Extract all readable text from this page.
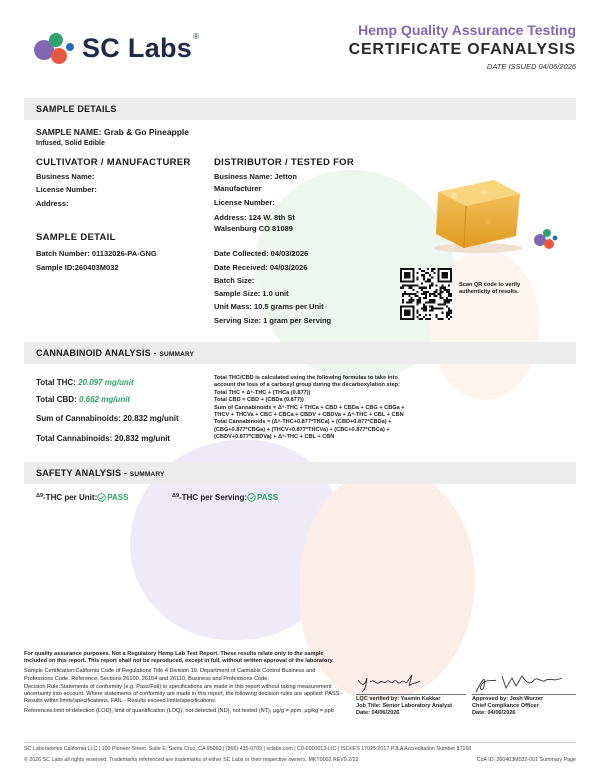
SC Labs ®	Hemp Quality Assurance Testing
CERTIFICATE OFANALYSIS
DATE ISSUED 04/06/2026
SAMPLE DETAILS
SAMPLE NAME: Grab & Go Pineapple
Infused, Solid Edible
CULTIVATOR / MANUFACTURER
Business Name:
License Number:
Address:
DISTRIBUTOR / TESTED FOR
Business Name: Jetton Manufacturer
License Number:
Address: 124 W. 8th St
Walsenburg CO 81089
SAMPLE DETAIL
Batch Number: 01132026-PA-GNG
Sample ID:260403M032
Date Collected: 04/03/2026
Date Received: 04/03/2026
Batch Size:
Sample Size: 1.0 unit
Unit Mass: 10.5 grams per Unit
Serving Size: 1 gram per Serving
Scan QR code to verify authenticity of results.
CANNABINOID ANALYSIS - SUMMARY
Total THC: 20.097 mg/unit
Total CBD: 0.662 mg/unit
Sum of Cannabinoids: 20.832 mg/unit
Total Cannabinoids: 20.832 mg/unit
Total THC/CBD is calculated using the following formulas to take into
account the loss of a carboxyl group during the decarboxylation step:
Total THC = Δ⁹-THC + (THCa (0.877))
Total CBD = CBD + (CBDa (0.877))
Sum of Cannabinoids = Δ⁹-THC + THCa + CBD + CBDa + CBG + CBGa +
THCV + THCVa + CBC + CBCa + CBDV + CBDVa + Δ⁸-THC + CBL + CBN
Total Cannabinoids = (Δ⁹-THC+0.877*THCa) + (CBD+0.877*CBDa) +
(CBG+0.877*CBGa) + (THCV+0.877*THCVa) + (CBC+0.877*CBCa) +
(CBDV+0.877*CBDVa) + Δ⁸-THC + CBL + CBN
SAFETY ANALYSIS - SUMMARY
Δ9 -THC per Unit: PASS	Δ9 -THC per Serving: PASS
For quality assurance purposes. Not a Regulatory Hemp Lab Test Report. These results relate only to the sample included on this report. This report shall not be reproduced, except in full, without written approval of the laboratory.
Sample Certification:California Code of Regulations Title 4 Division 19. Department of Cannabis Control Business and Professions Code. Reference: Sections 26100, 26104 and 26110, Business and Professions Code.
Decision Rule:Statements of conformity (e.g. Pass/Fail) to specifications are made in this report without taking measurement uncertainty into account. Where statements of conformity are made in this report, the following decision rules are applied: PASS - Results within limits/specifications, FAIL - Results exceed limits/specifications.
References:limit of detection (LOD), limit of quantification (LOQ), not detected (ND), not tested (NT), µg/g = ppm, µg/kg = ppb
LQC verified by: Yasmin Kakkar
Job Title: Senior Laboratory Analyst
Date: 04/06/2026
Approved by: Josh Wurzer
Chief Compliance Officer
Date: 04/06/2026
SC Laboratories California LLC | 100 Pioneer Street, Suite E, Santa Cruz, CA 95060 | (866) 435-0709 | sclabs.com | C8-0000013-LIC | ISO/IES 17025:2017 PJLA Accreditation Number 87168
© 2026 SC Labs all rights reserved. Trademarks referenced are trademarks of either SC Labs or their respective owners. MKT0002 REV9 2/22	CoA ID: 260403M032-001 Summary Page
